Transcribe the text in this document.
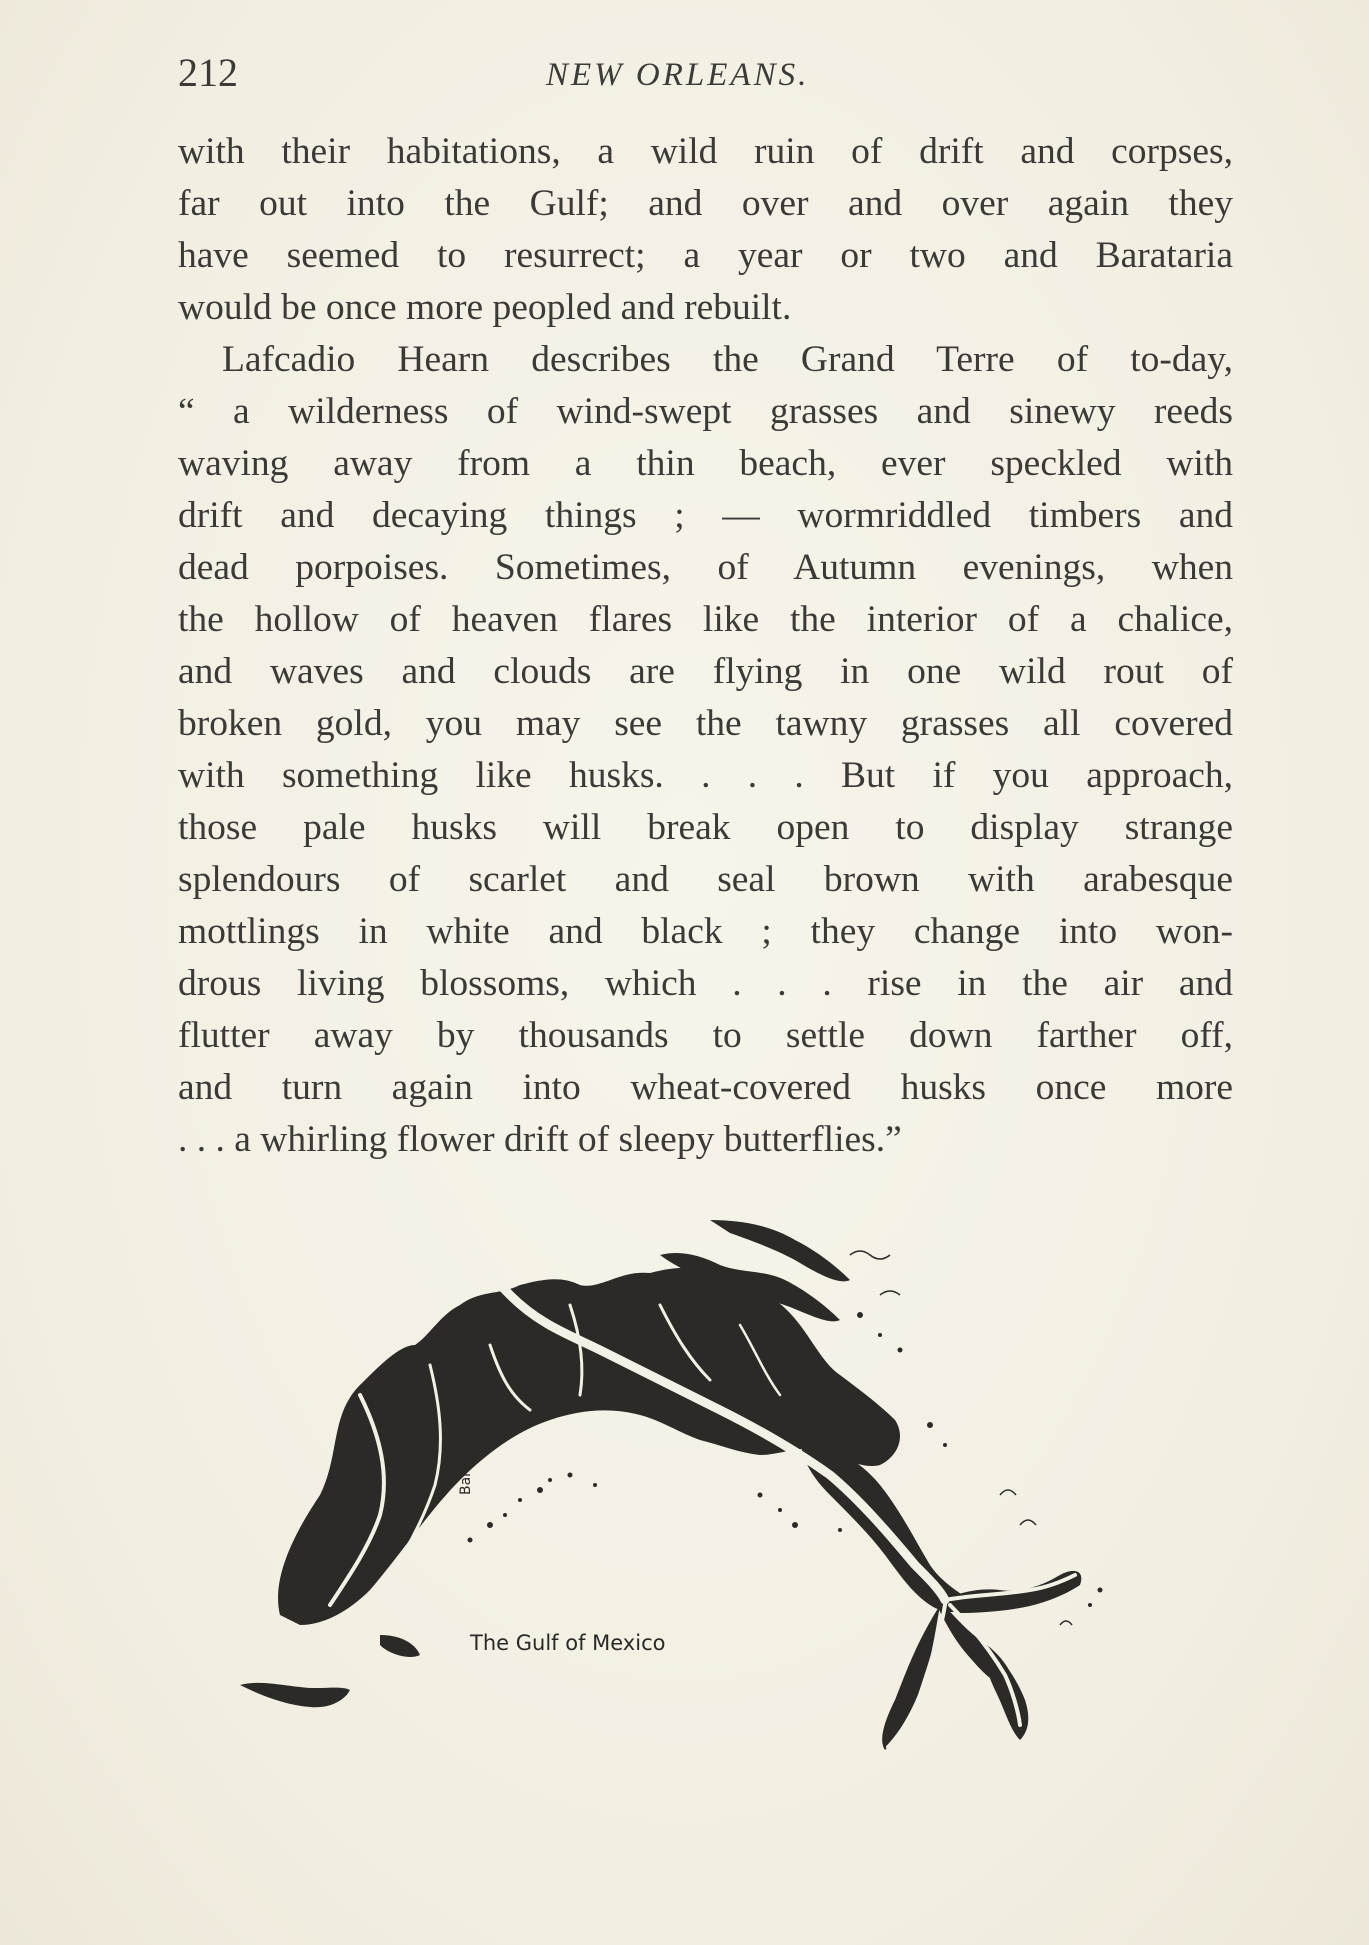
212	NEW ORLEANS.
with their habitations, a wild ruin of drift and corpses,
far out into the Gulf; and over and over again they
have seemed to resurrect; a year or two and Barataria
would be once more peopled and rebuilt.
Lafcadio Hearn describes the Grand Terre of to-day,
“ a wilderness of wind-swept grasses and sinewy reeds
waving away from a thin beach, ever speckled with
drift and decaying things ; — wormriddled timbers and
dead porpoises. Sometimes, of Autumn evenings, when
the hollow of heaven flares like the interior of a chalice,
and waves and clouds are flying in one wild rout of
broken gold, you may see the tawny grasses all covered
with something like husks. . . . But if you approach,
those pale husks will break open to display strange
splendours of scarlet and seal brown with arabesque
mottlings in white and black ; they change into won-
drous living blossoms, which . . . rise in the air and
flutter away by thousands to settle down farther off,
and turn again into wheat-covered husks once more
. . . a whirling flower drift of sleepy butterflies.”
The Gulf of Mexico
Barataria Bay
